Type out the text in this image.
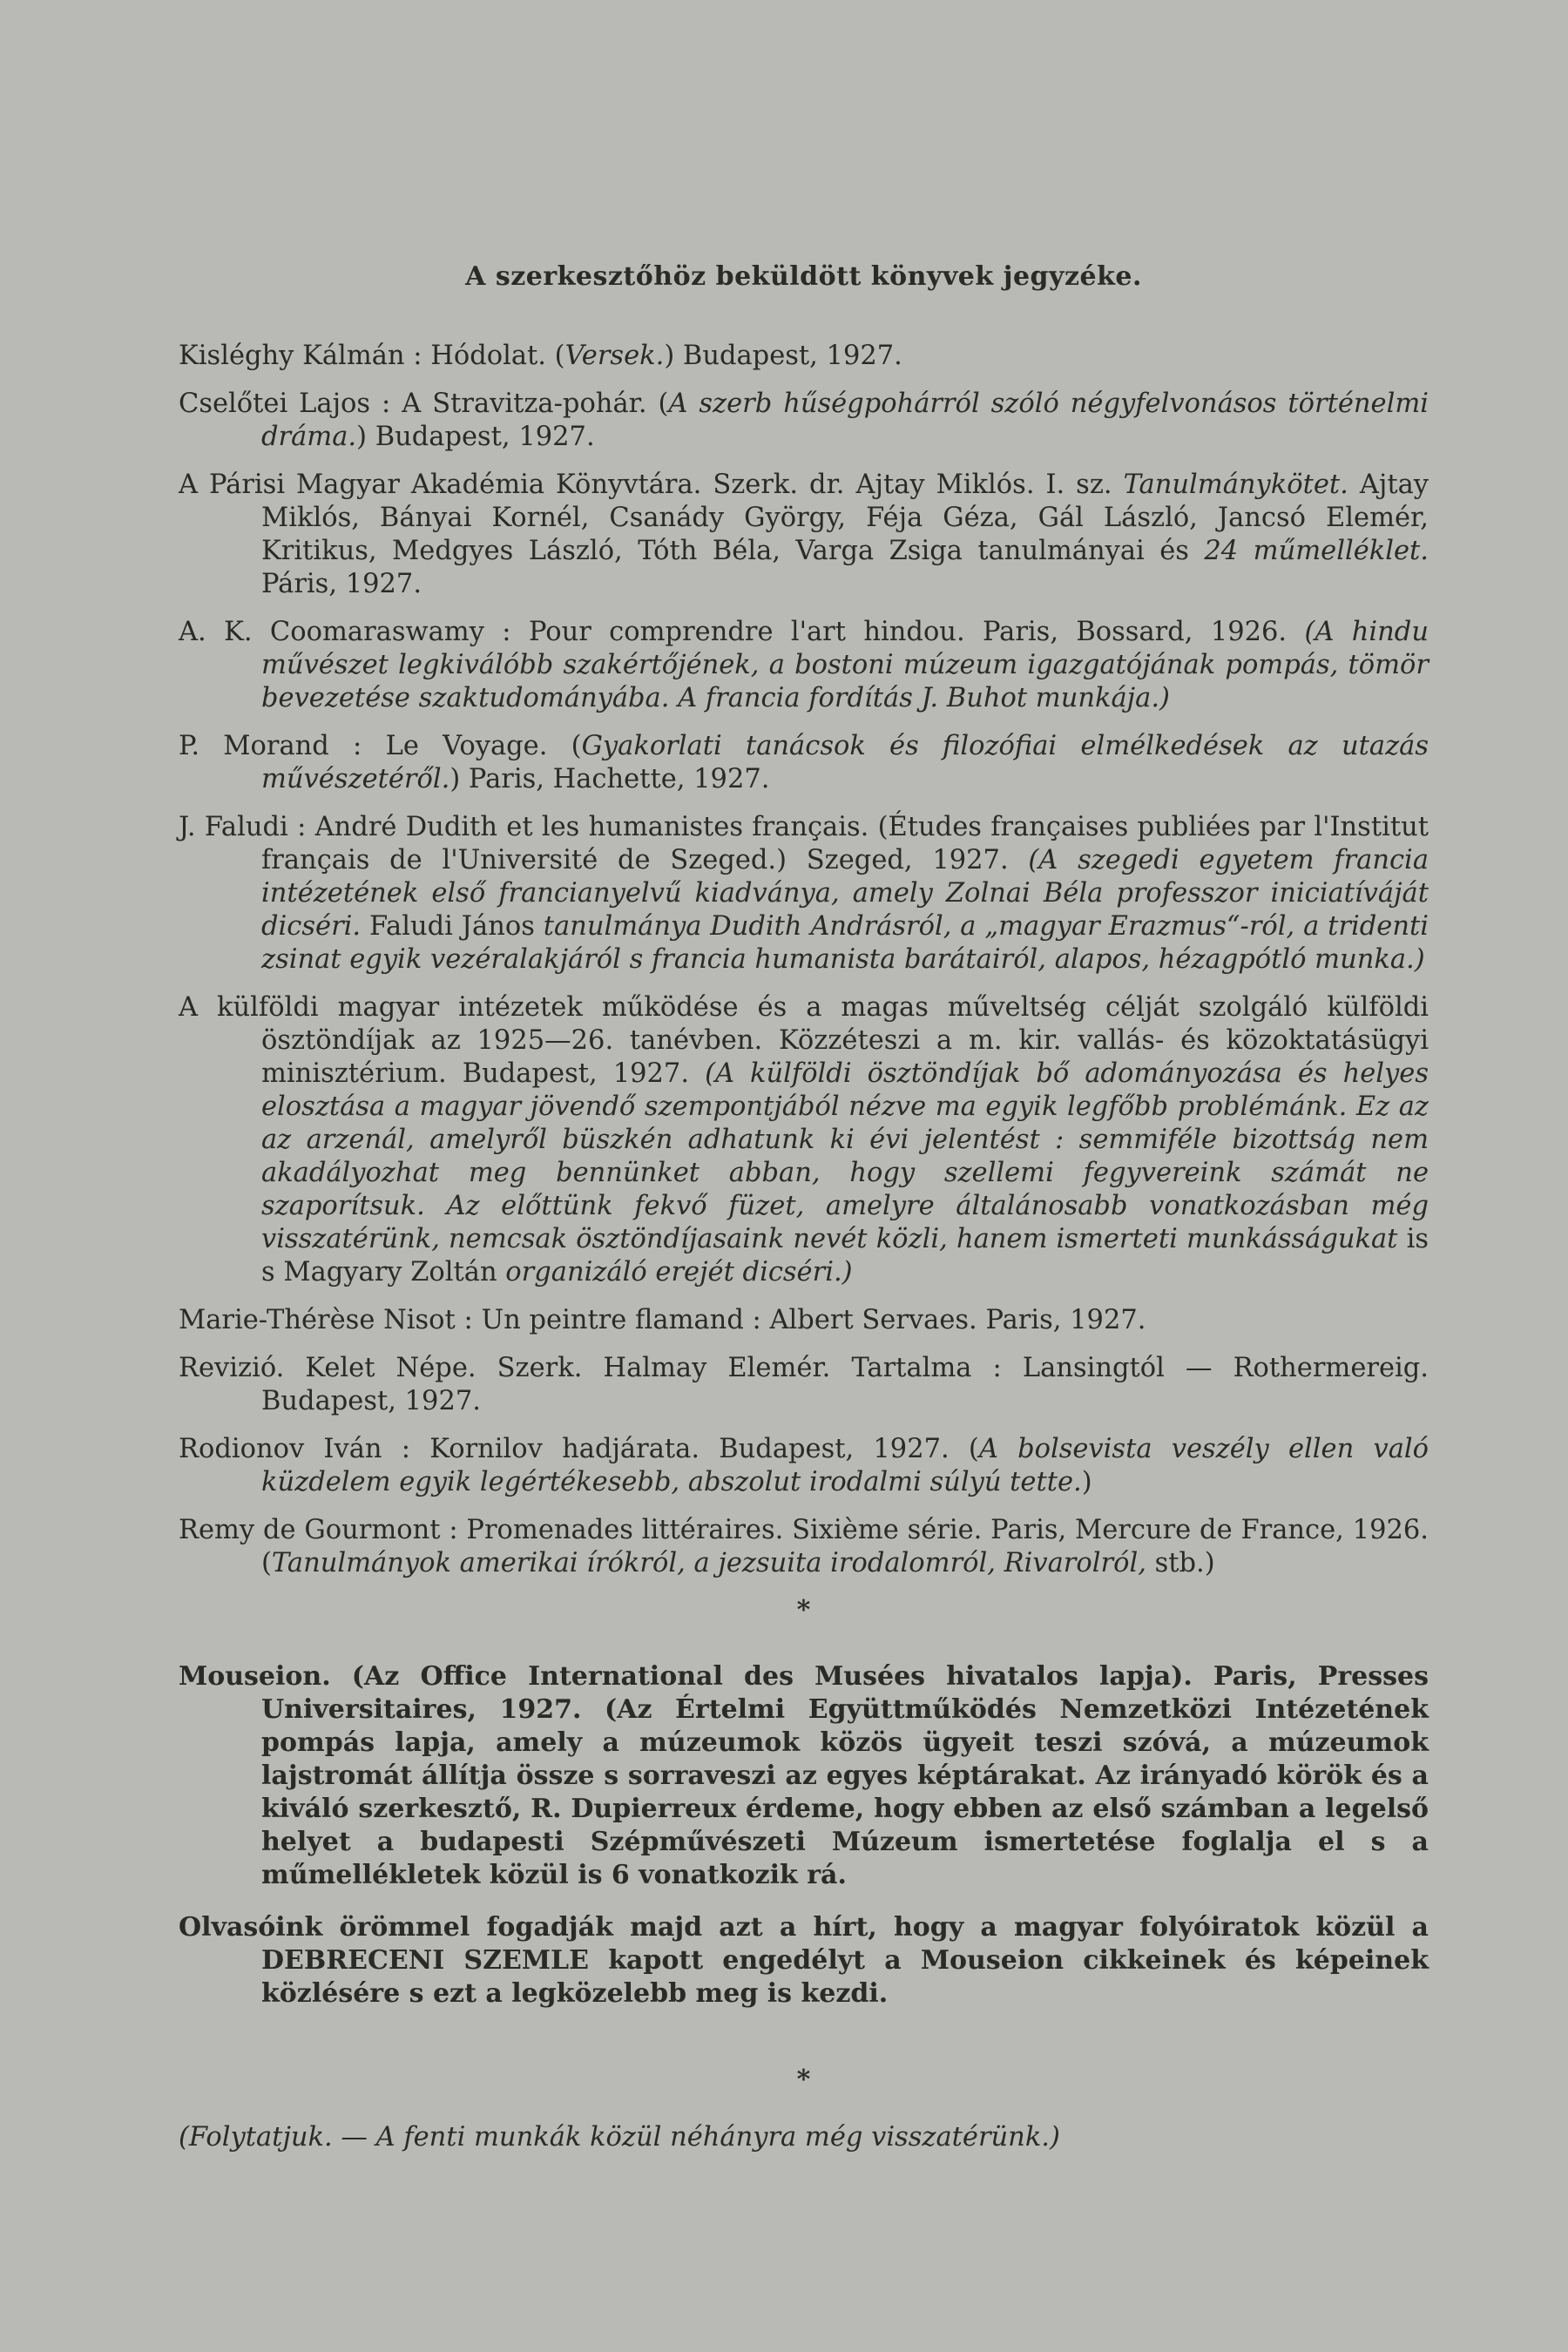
A szerkesztőhöz beküldött könyvek jegyzéke.

Kisléghy Kálmán : Hódolat. (Versek.) Budapest, 1927.

Cselőtei Lajos : A Stravitza-pohár. (A szerb hűségpohárról szóló négyfelvonásos történelmi dráma.) Budapest, 1927.

A Párisi Magyar Akadémia Könyvtára. Szerk. dr. Ajtay Miklós. I. sz. Tanulmánykötet. Ajtay Miklós, Bányai Kornél, Csanády György, Féja Géza, Gál László, Jancsó Elemér, Kritikus, Medgyes László, Tóth Béla, Varga Zsiga tanulmányai és 24 műmelléklet. Páris, 1927.

A. K. Coomaraswamy : Pour comprendre l'art hindou. Paris, Bossard, 1926. (A hindu művészet legkiválóbb szakértőjének, a bostoni múzeum igazgatójának pompás, tömör bevezetése szaktudományába. A francia fordítás J. Buhot munkája.)

P. Morand : Le Voyage. (Gyakorlati tanácsok és filozófiai elmélkedések az utazás művészetéről.) Paris, Hachette, 1927.

J. Faludi : André Dudith et les humanistes français. (Études françaises publiées par l'Institut français de l'Université de Szeged.) Szeged, 1927. (A szegedi egyetem francia intézetének első francianyelvű kiadványa, amely Zolnai Béla professzor iniciatíváját dicséri. Faludi János tanulmánya Dudith Andrásról, a „magyar Erazmus“-ról, a tridenti zsinat egyik vezéralakjáról s francia humanista barátairól, alapos, hézagpótló munka.)

A külföldi magyar intézetek működése és a magas műveltség célját szolgáló külföldi ösztöndíjak az 1925—26. tanévben. Közzéteszi a m. kir. vallás- és közoktatásügyi minisztérium. Budapest, 1927. (A külföldi ösztöndíjak bő adományozása és helyes elosztása a magyar jövendő szempontjából nézve ma egyik legfőbb problémánk. Ez az az arzenál, amelyről büszkén adhatunk ki évi jelentést : semmiféle bizottság nem akadályozhat meg bennünket abban, hogy szellemi fegyvereink számát ne szaporítsuk. Az előttünk fekvő füzet, amelyre általánosabb vonatkozásban még visszatérünk, nemcsak ösztöndíjasaink nevét közli, hanem ismerteti munkásságukat is s Magyary Zoltán organizáló erejét dicséri.)

Marie-Thérèse Nisot : Un peintre flamand : Albert Servaes. Paris, 1927.

Revizió. Kelet Népe. Szerk. Halmay Elemér. Tartalma : Lansingtól — Rothermereig. Budapest, 1927.

Rodionov Iván : Kornilov hadjárata. Budapest, 1927. (A bolsevista veszély ellen való küzdelem egyik legértékesebb, abszolut irodalmi súlyú tette.)

Remy de Gourmont : Promenades littéraires. Sixième série. Paris, Mercure de France, 1926. (Tanulmányok amerikai írókról, a jezsuita irodalomról, Rivarolról, stb.)

*

Mouseion. (Az Office International des Musées hivatalos lapja). Paris, Presses Universitaires, 1927. (Az Értelmi Együttműködés Nemzetközi Intézetének pompás lapja, amely a múzeumok közös ügyeit teszi szóvá, a múzeumok lajstromát állítja össze s sorraveszi az egyes képtárakat. Az irányadó körök és a kiváló szerkesztő, R. Dupierreux érdeme, hogy ebben az első számban a legelső helyet a budapesti Szépművészeti Múzeum ismertetése foglalja el s a műmellékletek közül is 6 vonatkozik rá.

Olvasóink örömmel fogadják majd azt a hírt, hogy a magyar folyóiratok közül a DEBRECENI SZEMLE kapott engedélyt a Mouseion cikkeinek és képeinek közlésére s ezt a legközelebb meg is kezdi.

*

(Folytatjuk. — A fenti munkák közül néhányra még visszatérünk.)
